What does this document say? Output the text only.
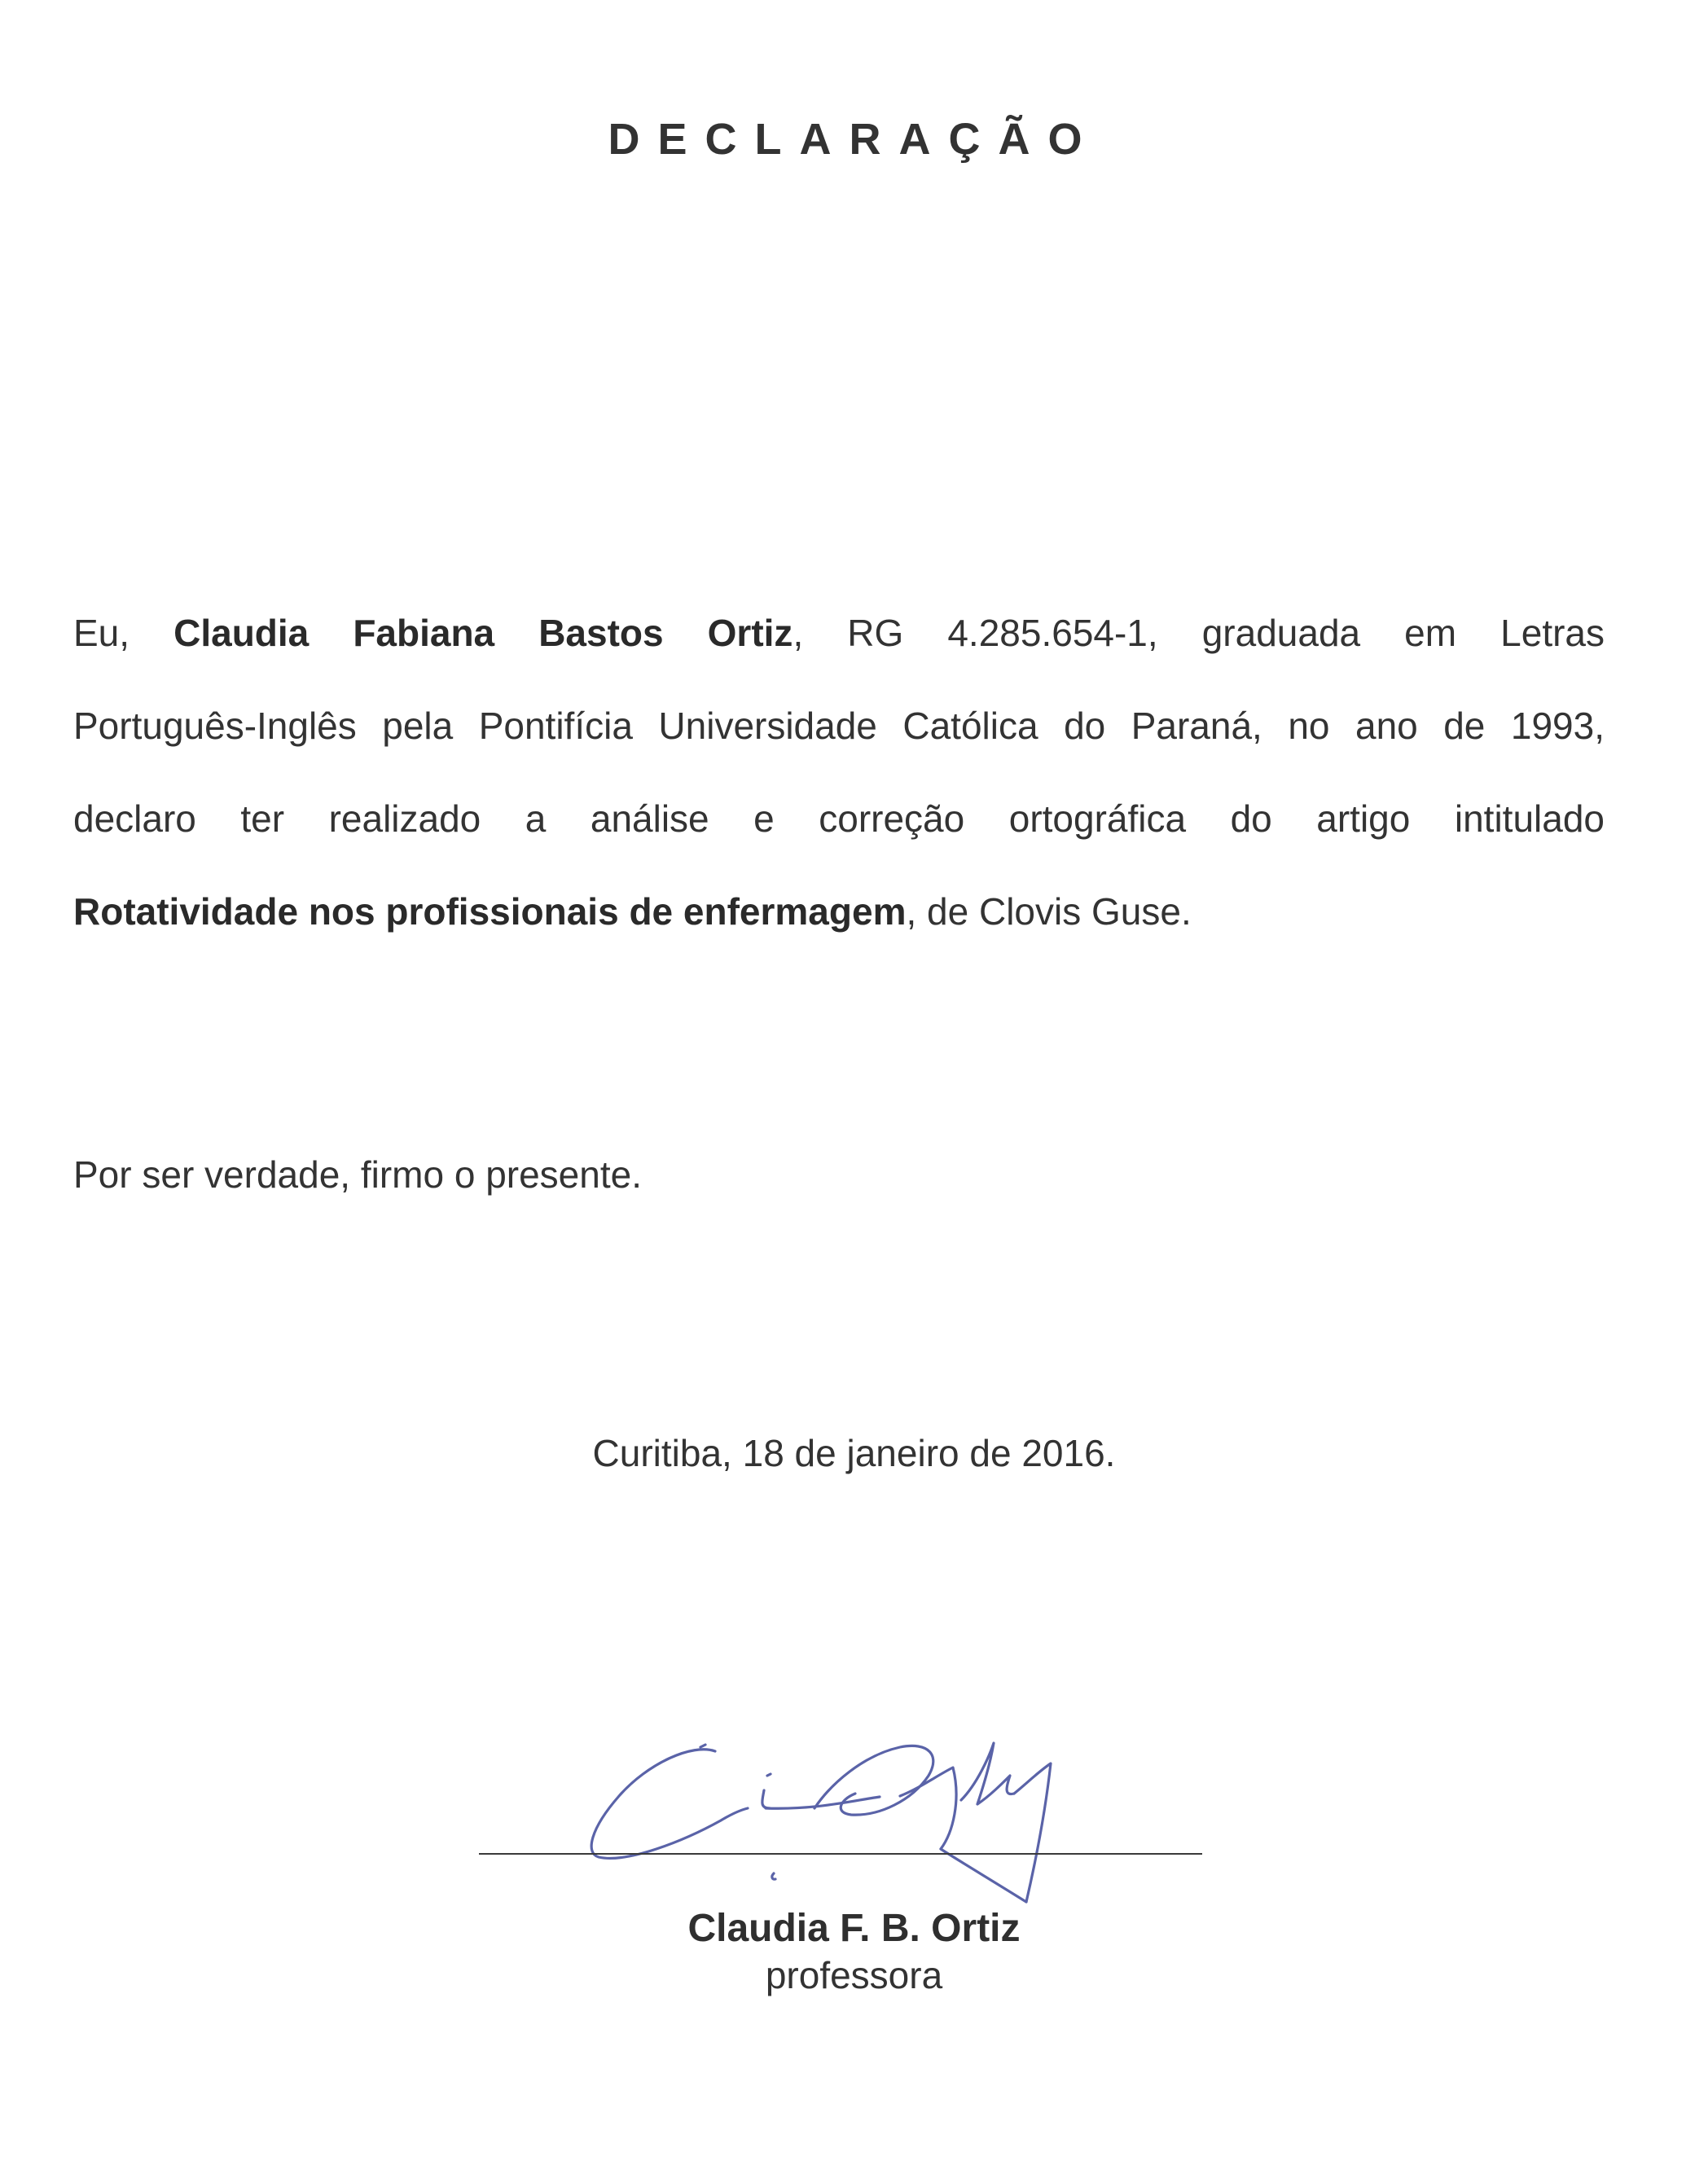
DECLARAÇÃO
Eu, Claudia Fabiana Bastos Ortiz, RG 4.285.654-1, graduada em Letras
Português-Inglês pela Pontifícia Universidade Católica do Paraná, no ano de 1993,
declaro ter realizado a análise e correção ortográfica do artigo intitulado
Rotatividade nos profissionais de enfermagem, de Clovis Guse.
Por ser verdade, firmo o presente.
Curitiba, 18 de janeiro de 2016.
Claudia F. B. Ortiz
professora
